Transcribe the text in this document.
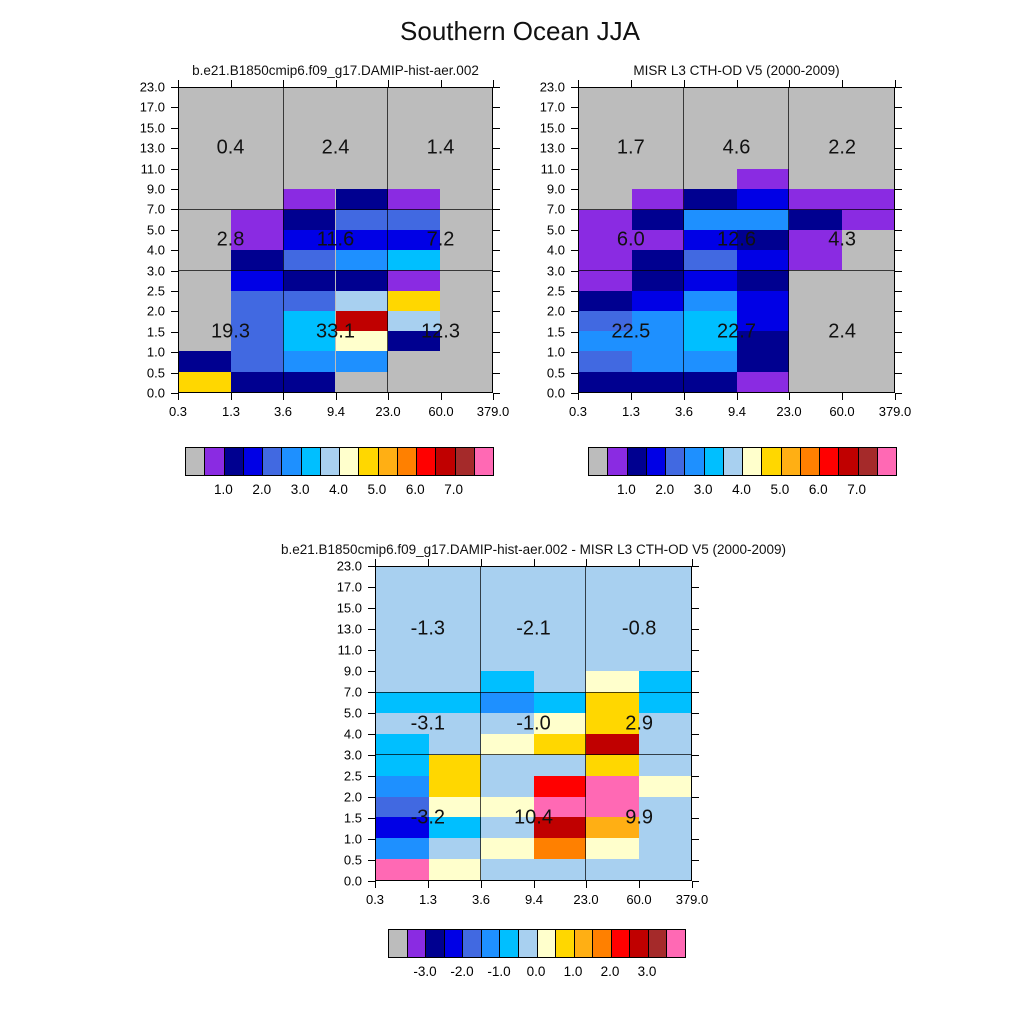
Southern Ocean JJA
b.e21.B1850cmip6.f09_g17.DAMIP-hist-aer.002
0.4	2.4	1.4
2.8	11.6	7.2
19.3	33.1	12.3
0.3	1.3	3.6	9.4 23.0 60.0 379.0
23.0
17.0
15.0
13.0
11.0
9.0
7.0
5.0
4.0
3.0
2.5
2.0
1.5
1.0
0.5
0.0
MISR L3 CTH-OD V5 (2000-2009)
1.7	4.6	2.2
6.0	12.6	4.3
22.5	22.7	2.4
0.3	1.3	3.6	9.4 23.0 60.0 379.0
23.0
17.0
15.0
13.0
11.0
9.0
7.0
5.0
4.0
3.0
2.5
2.0
1.5
1.0
0.5
0.0
b.e21.B1850cmip6.f09_g17.DAMIP-hist-aer.002 - MISR L3 CTH-OD V5 (2000-2009)
-1.3	-2.1	-0.8
-3.1	-1.0	2.9
-3.2	10.4	9.9
0.3	1.3	3.6	9.4 23.0 60.0 379.0
23.0
17.0
15.0
13.0
11.0
9.0
7.0
5.0
4.0
3.0
2.5
2.0
1.5
1.0
0.5
0.0
1.0 2.0 3.0 4.0 5.0 6.0 7.0	1.0 2.0 3.0 4.0 5.0 6.0 7.0
-3.0 -2.0 -1.0 0.0 1.0 2.0 3.0
